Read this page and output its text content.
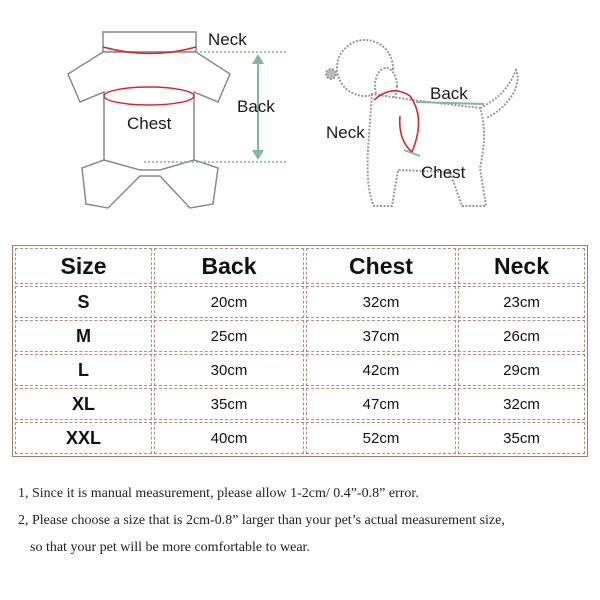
Neck
Back
Chest
Back
Neck
Chest
Size	Back	Chest	Neck
S	20cm	32cm	23cm
M	25cm	37cm	26cm
L	30cm	42cm	29cm
XL	35cm	47cm	32cm
XXL	40cm	52cm	35cm
1, Since it is manual measurement, please allow 1-2cm/ 0.4”-0.8” error.
2, Please choose a size that is 2cm-0.8” larger than your pet’s actual measurement size,
so that your pet will be more comfortable to wear.
